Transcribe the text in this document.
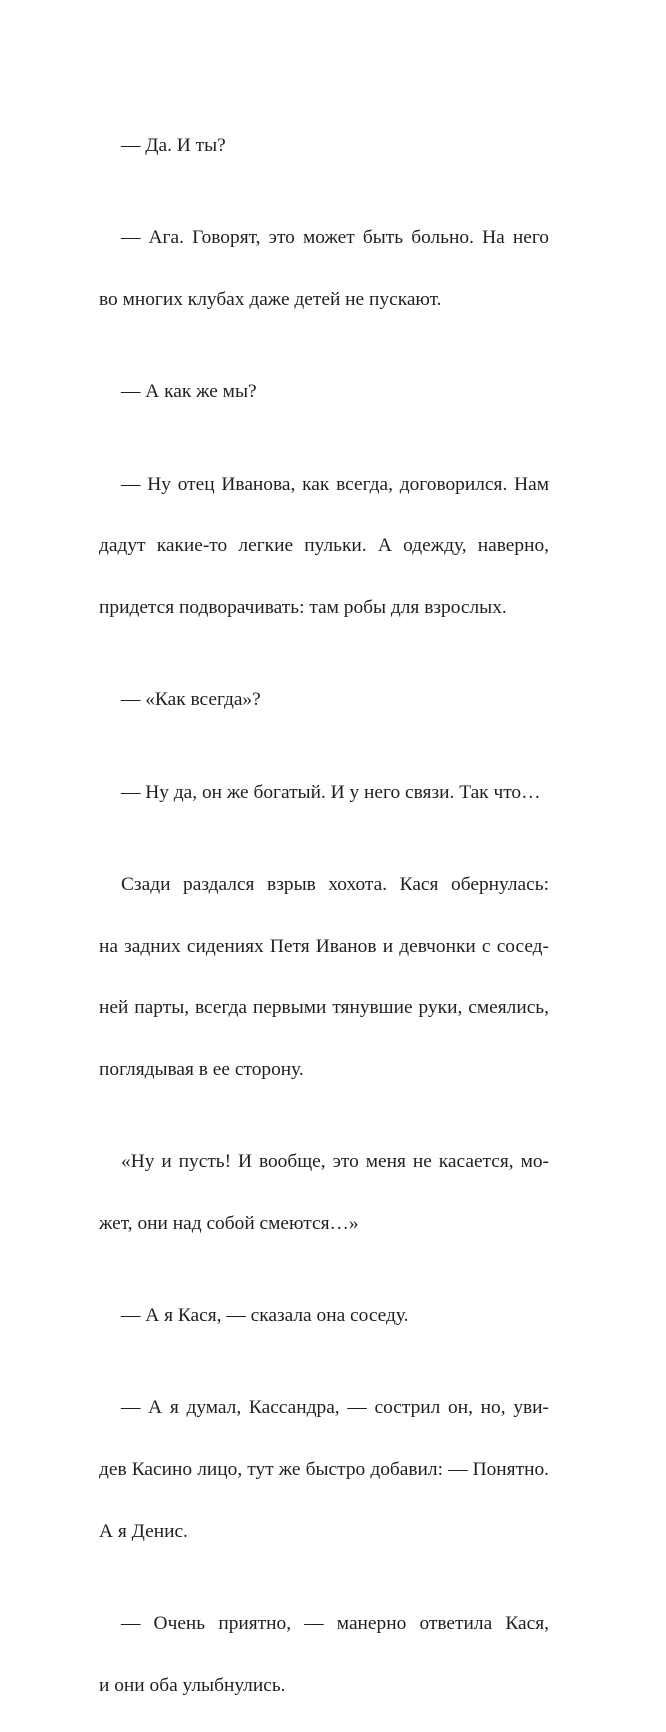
— Да. И ты?

— Ага. Говорят, это может быть больно. На него

во многих клубах даже детей не пускают.

— А как же мы?

— Ну отец Иванова, как всегда, договорился. Нам

дадут какие-то легкие пульки. А одежду, наверно,

придется подворачивать: там робы для взрослых.

— «Как всегда»?

— Ну да, он же богатый. И у него связи. Так что…

Сзади раздался взрыв хохота. Кася обернулась:

на задних сидениях Петя Иванов и девчонки с сосед-

ней парты, всегда первыми тянувшие руки, смеялись,

поглядывая в ее сторону.

«Ну и пусть! И вообще, это меня не касается, мо-

жет, они над собой смеются…»

— А я Кася, — сказала она соседу.

— А я думал, Кассандра, — сострил он, но, уви-

дев Касино лицо, тут же быстро добавил: — Понятно.

А я Денис.

— Очень приятно, — манерно ответила Кася,

и они оба улыбнулись.
